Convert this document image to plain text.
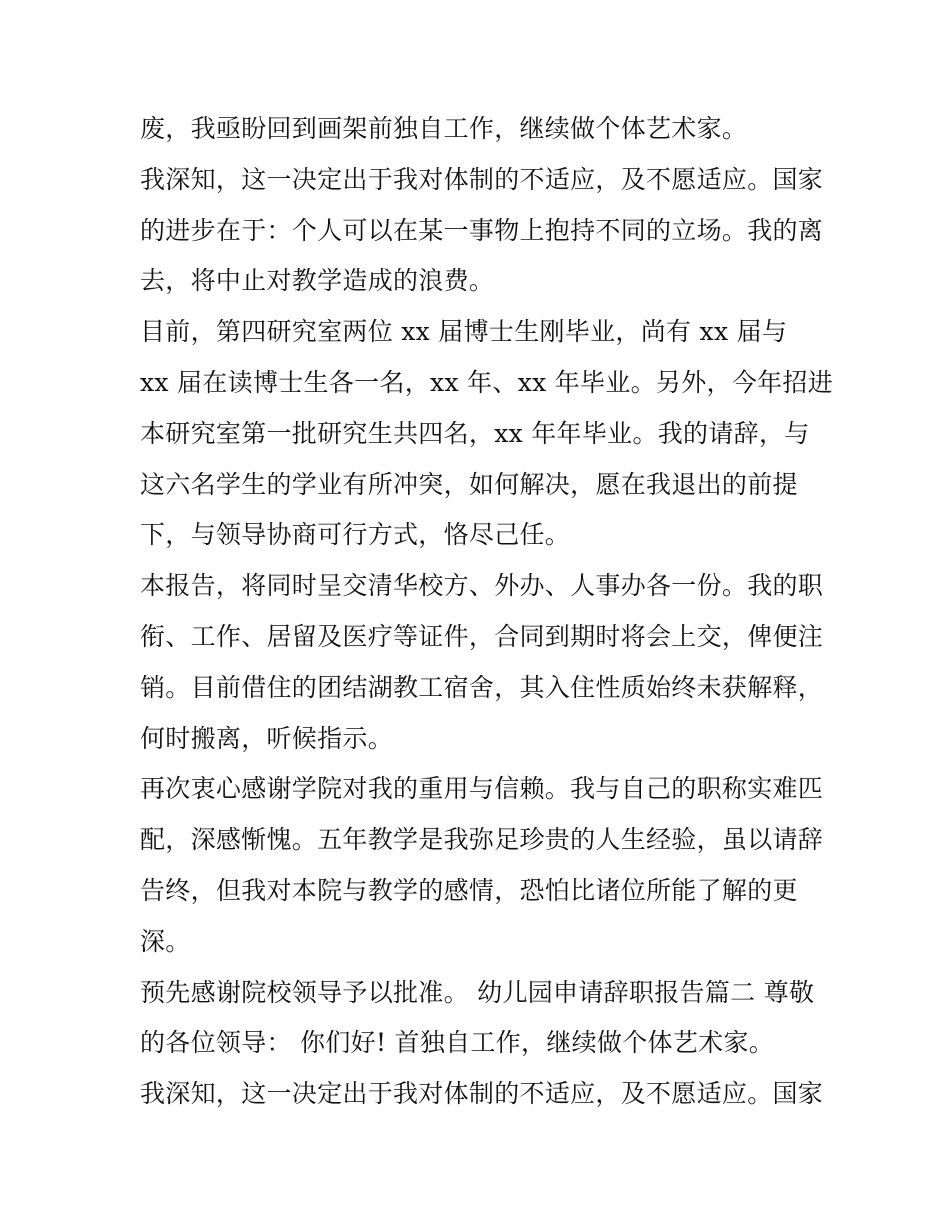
废，我亟盼回到画架前独自工作，继续做个体艺术家。
我深知，这一决定出于我对体制的不适应，及不愿适应。国家
的进步在于：个人可以在某一事物上抱持不同的立场。我的离
去，将中止对教学造成的浪费。
目前，第四研究室两位 xx 届博士生刚毕业，尚有 xx 届与
xx 届在读博士生各一名，xx 年、xx 年毕业。另外，今年招进
本研究室第一批研究生共四名，xx 年年毕业。我的请辞，与
这六名学生的学业有所冲突，如何解决，愿在我退出的前提
下，与领导协商可行方式，恪尽己任。
本报告，将同时呈交清华校方、外办、人事办各一份。我的职
衔、工作、居留及医疗等证件，合同到期时将会上交，俾便注
销。目前借住的团结湖教工宿舍，其入住性质始终未获解释，
何时搬离，听候指示。
再次衷心感谢学院对我的重用与信赖。我与自己的职称实难匹
配，深感惭愧。五年教学是我弥足珍贵的人生经验，虽以请辞
告终，但我对本院与教学的感情，恐怕比诸位所能了解的更
深。
预先感谢院校领导予以批准。 幼儿园申请辞职报告篇二 尊敬
的各位领导： 你们好! 首独自工作，继续做个体艺术家。
我深知，这一决定出于我对体制的不适应，及不愿适应。国家
